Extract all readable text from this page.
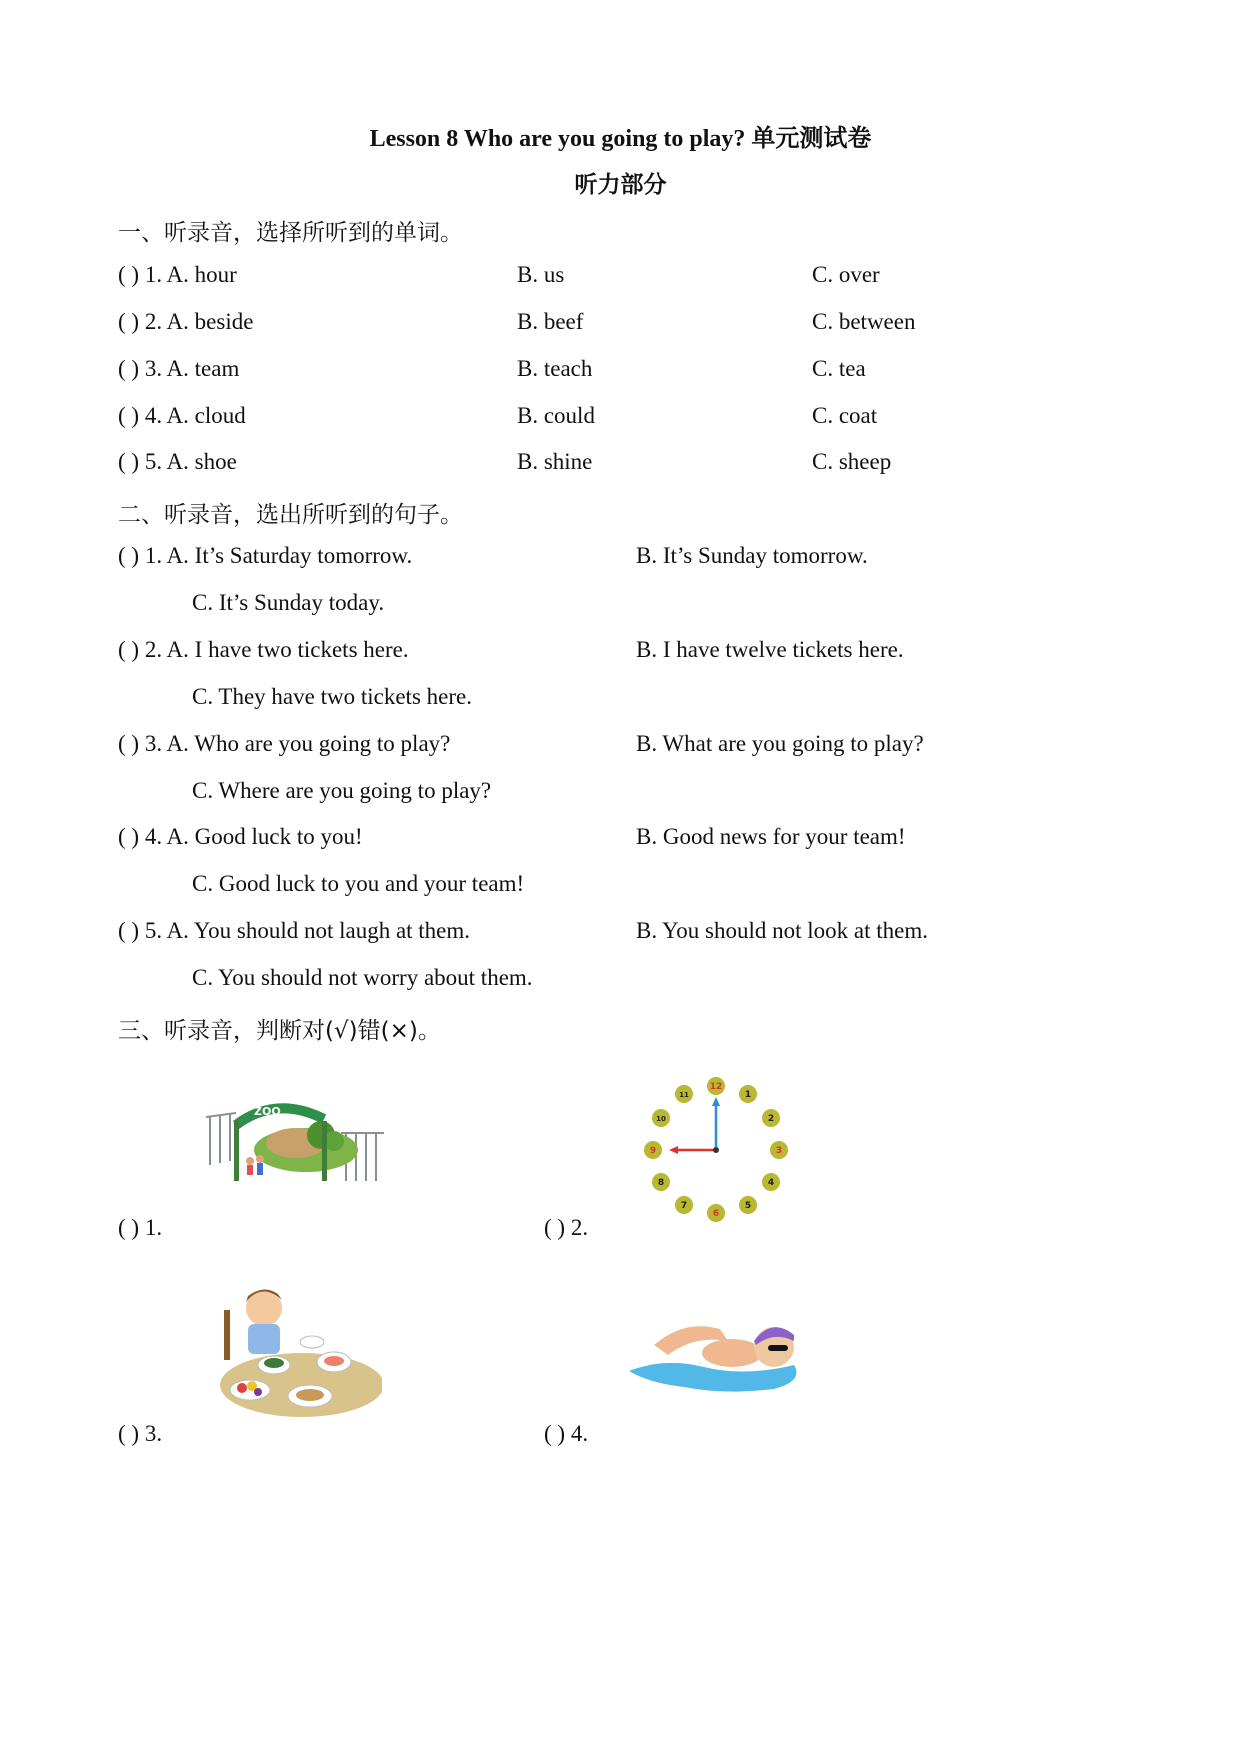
Lesson 8 Who are you going to play? 单元测试卷
听力部分
一、听录音，选择所听到的单词。
( ) 1. A. hour	B. us	C. over
( ) 2. A. beside	B. beef	C. between
( ) 3. A. team	B. teach	C. tea
( ) 4. A. cloud	B. could	C. coat
( ) 5. A. shoe	B. shine	C. sheep
二、听录音，选出所听到的句子。
( ) 1. A. It’s Saturday tomorrow.	B. It’s Sunday tomorrow.
C. It’s Sunday today.
( ) 2. A. I have two tickets here.	B. I have twelve tickets here.
C. They have two tickets here.
( ) 3. A. Who are you going to play?	B. What are you going to play?
C. Where are you going to play?
( ) 4. A. Good luck to you!	B. Good news for your team!
C. Good luck to you and your team!
( ) 5. A. You should not laugh at them.	B. You should not look at them.
C. You should not worry about them.
三、听录音，判断对(√)错(×)。
ZOO
( ) 1.
12
1
2
3
4
5
6
7
8
9
10
11
( ) 2.
( ) 3.	( ) 4.
